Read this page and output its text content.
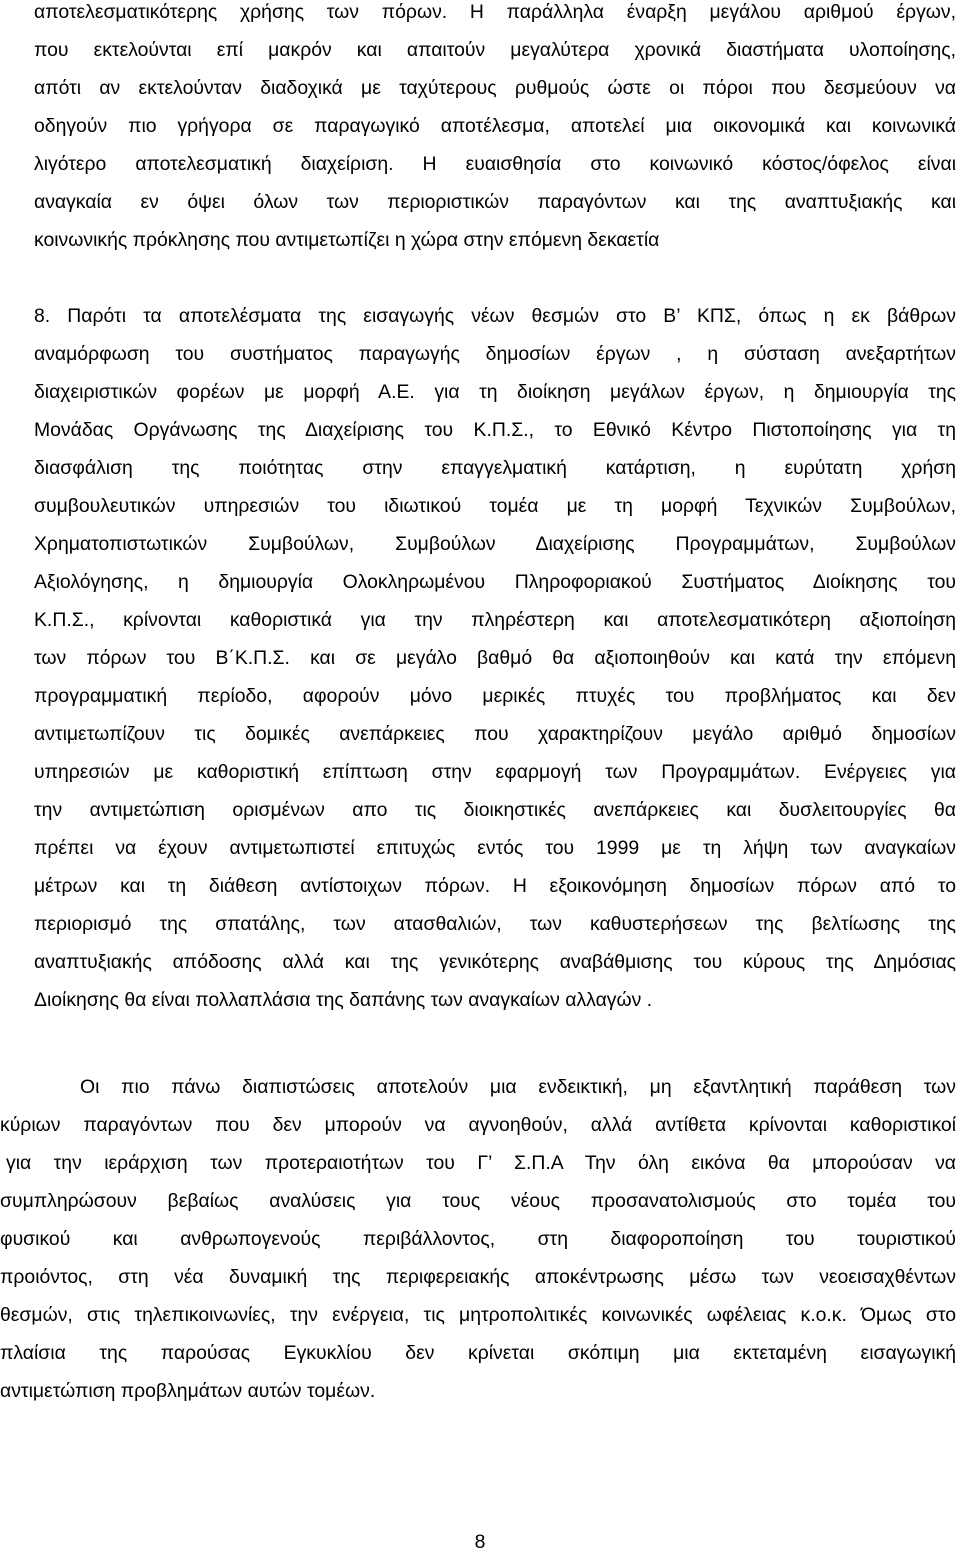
αποτελεσματικότερης χρήσης των πόρων. Η παράλληλα έναρξη μεγάλου αριθμού έργων,
που εκτελούνται επί μακρόν και απαιτούν μεγαλύτερα χρονικά διαστήματα υλοποίησης,
απότι αν εκτελούνταν διαδοχικά με ταχύτερους ρυθμούς ώστε οι πόροι που δεσμεύουν να
οδηγούν πιο γρήγορα σε παραγωγικό αποτέλεσμα, αποτελεί μια οικονομικά και κοινωνικά
λιγότερο αποτελεσματική διαχείριση. Η ευαισθησία στο κοινωνικό κόστος/όφελος είναι
αναγκαία εν όψει όλων των περιοριστικών παραγόντων και της αναπτυξιακής και
κοινωνικής πρόκλησης που αντιμετωπίζει η χώρα στην επόμενη δεκαετία
8. Παρότι τα αποτελέσματα της εισαγωγής νέων θεσμών στο Β’ ΚΠΣ, όπως η εκ βάθρων
αναμόρφωση του συστήματος παραγωγής δημοσίων έργων , η σύσταση ανεξαρτήτων
διαχειριστικών φορέων με μορφή Α.Ε. για τη διοίκηση μεγάλων έργων, η δημιουργία της
Μονάδας Οργάνωσης της Διαχείρισης του Κ.Π.Σ., το Εθνικό Κέντρο Πιστοποίησης για τη
διασφάλιση της ποιότητας στην επαγγελματική κατάρτιση, η ευρύτατη χρήση
συμβουλευτικών υπηρεσιών του ιδιωτικού τομέα με τη μορφή Τεχνικών Συμβούλων,
Χρηματοπιστωτικών Συμβούλων, Συμβούλων Διαχείρισης Προγραμμάτων, Συμβούλων
Αξιολόγησης, η δημιουργία Ολοκληρωμένου Πληροφοριακού Συστήματος Διοίκησης του
Κ.Π.Σ., κρίνονται καθοριστικά για την πληρέστερη και αποτελεσματικότερη αξιοποίηση
των πόρων του Β΄Κ.Π.Σ. και σε μεγάλο βαθμό θα αξιοποιηθούν και κατά την επόμενη
προγραμματική περίοδο, αφορούν μόνο μερικές πτυχές του προβλήματος και δεν
αντιμετωπίζουν τις δομικές ανεπάρκειες που χαρακτηρίζουν μεγάλο αριθμό δημοσίων
υπηρεσιών με καθοριστική επίπτωση στην εφαρμογή των Προγραμμάτων. Ενέργειες για
την αντιμετώπιση ορισμένων απο τις διοικηστικές ανεπάρκειες και δυσλειτουργίες θα
πρέπει να έχουν αντιμετωπιστεί επιτυχώς εντός του 1999 με τη λήψη των αναγκαίων
μέτρων και τη διάθεση αντίστοιχων πόρων. Η εξοικονόμηση δημοσίων πόρων από το
περιορισμό της σπατάλης, των ατασθαλιών, των καθυστερήσεων της βελτίωσης της
αναπτυξιακής απόδοσης αλλά και της γενικότερης αναβάθμισης του κύρους της Δημόσιας
Διοίκησης θα είναι πολλαπλάσια της δαπάνης των αναγκαίων αλλαγών .
Οι πιο πάνω διαπιστώσεις αποτελούν μια ενδεικτική, μη εξαντλητική παράθεση των
κύριων παραγόντων που δεν μπορούν να αγνοηθούν, αλλά αντίθετα κρίνονται καθοριστικοί
για την ιεράρχιση των προτεραιοτήτων του Γ’ Σ.Π.Α Την όλη εικόνα θα μπορούσαν να
συμπληρώσουν βεβαίως αναλύσεις για τους νέους προσανατολισμούς στο τομέα του
φυσικού και ανθρωπογενούς περιβάλλοντος, στη διαφοροποίηση του τουριστικού
προιόντος, στη νέα δυναμική της περιφερειακής αποκέντρωσης μέσω των νεοεισαχθέντων
θεσμών, στις τηλεπικοινωνίες, την ενέργεια, τις μητροπολιτικές κοινωνικές ωφέλειας κ.ο.κ. Όμως στο
πλαίσια της παρούσας Εγκυκλίου δεν κρίνεται σκόπιμη μια εκτεταμένη εισαγωγική
αντιμετώπιση προβλημάτων αυτών τομέων.
8
